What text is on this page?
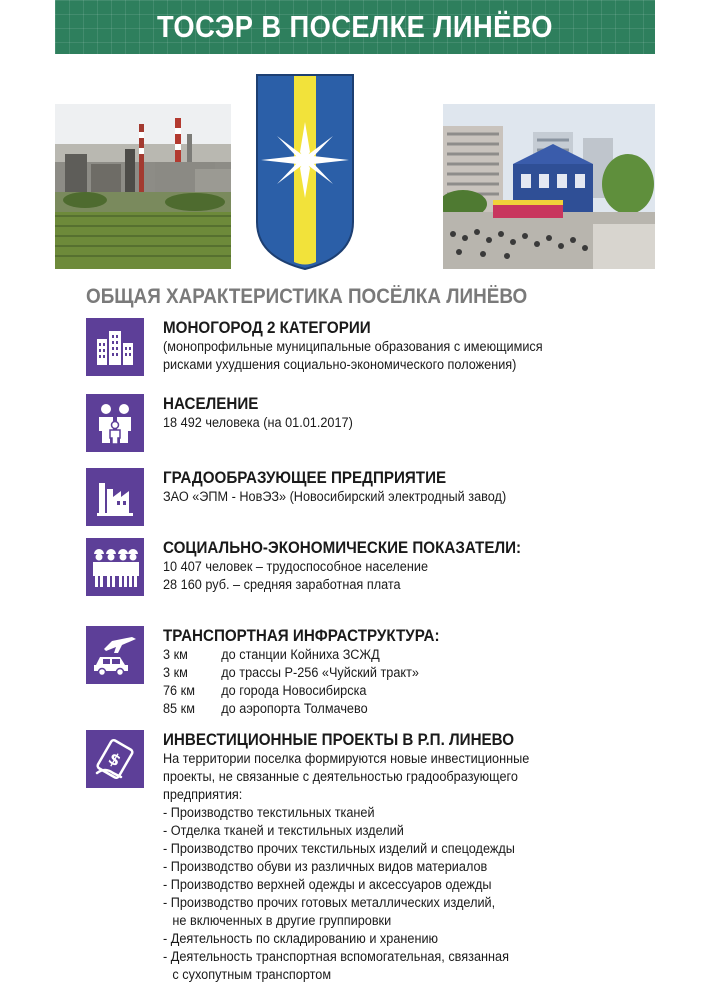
ТОСЭР В ПОСЕЛКЕ ЛИНЁВО
ОБЩАЯ ХАРАКТЕРИСТИКА ПОСЁЛКА ЛИНЁВО
МОНОГОРОД 2 КАТЕГОРИИ
(монопрофильные муниципальные образования с имеющимися
рисками ухудшения социально-экономического положения)
НАСЕЛЕНИЕ
18 492 человека (на 01.01.2017)
ГРАДООБРАЗУЮЩЕЕ ПРЕДПРИЯТИЕ
ЗАО «ЭПМ - НовЭЗ» (Новосибирский электродный завод)
СОЦИАЛЬНО-ЭКОНОМИЧЕСКИЕ ПОКАЗАТЕЛИ:
10 407 человек – трудоспособное население
28 160 руб. – средняя заработная плата
ТРАНСПОРТНАЯ ИНФРАСТРУКТУРА:
3 км	до станции Койниха ЗСЖД
3 км	до трассы Р-256 «Чуйский тракт»
76 км	до города Новосибирска
85 км	до аэропорта Толмачево
$
ИНВЕСТИЦИОННЫЕ ПРОЕКТЫ В Р.П. ЛИНЕВО
На территории поселка формируются новые инвестиционные
проекты, не связанные с деятельностью градообразующего
предприятия:
- Производство текстильных тканей
- Отделка тканей и текстильных изделий
- Производство прочих текстильных изделий и спецодежды
- Производство обуви из различных видов материалов
- Производство верхней одежды и аксессуаров одежды
- Производство прочих готовых металлических изделий,
не включенных в другие группировки
- Деятельность по складированию и хранению
- Деятельность транспортная вспомогательная, связанная
с сухопутным транспортом
